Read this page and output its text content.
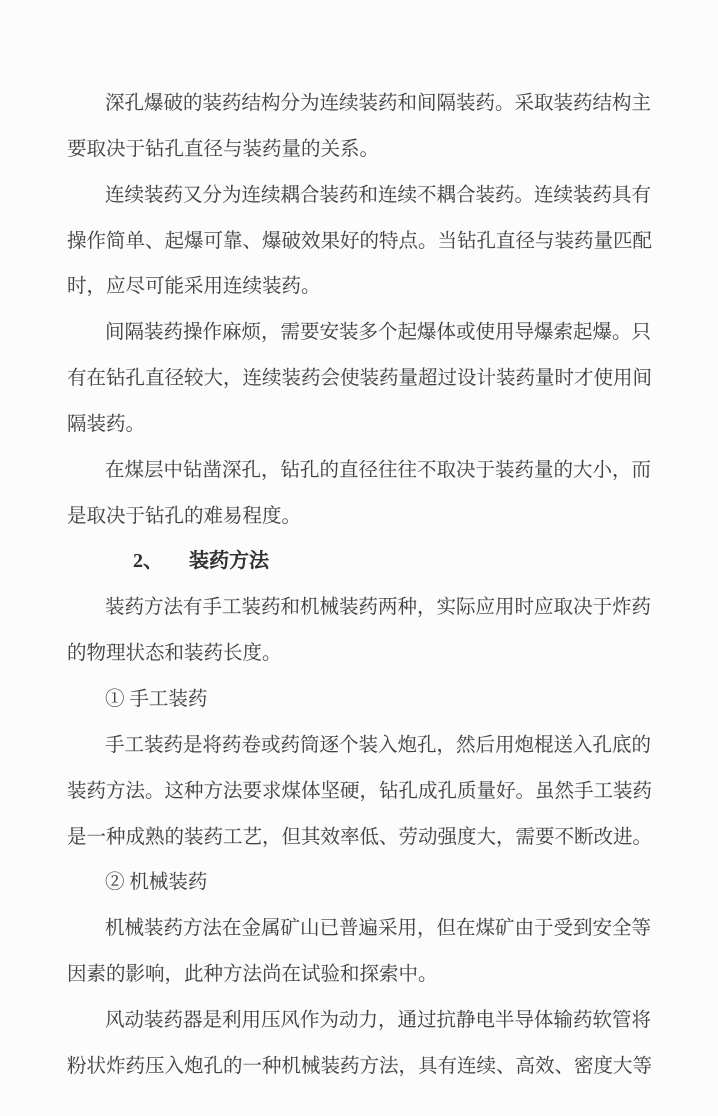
深孔爆破的装药结构分为连续装药和间隔装药。采取装药结构主
要取决于钻孔直径与装药量的关系。
连续装药又分为连续耦合装药和连续不耦合装药。连续装药具有
操作简单、起爆可靠、爆破效果好的特点。当钻孔直径与装药量匹配
时，应尽可能采用连续装药。
间隔装药操作麻烦，需要安装多个起爆体或使用导爆索起爆。只
有在钻孔直径较大，连续装药会使装药量超过设计装药量时才使用间
隔装药。
在煤层中钻凿深孔，钻孔的直径往往不取决于装药量的大小，而
是取决于钻孔的难易程度。
2、 装药方法
装药方法有手工装药和机械装药两种，实际应用时应取决于炸药
的物理状态和装药长度。
① 手工装药
手工装药是将药卷或药筒逐个装入炮孔，然后用炮棍送入孔底的
装药方法。这种方法要求煤体坚硬，钻孔成孔质量好。虽然手工装药
是一种成熟的装药工艺，但其效率低、劳动强度大，需要不断改进。
② 机械装药
机械装药方法在金属矿山已普遍采用，但在煤矿由于受到安全等
因素的影响，此种方法尚在试验和探索中。
风动装药器是利用压风作为动力，通过抗静电半导体输药软管将
粉状炸药压入炮孔的一种机械装药方法，具有连续、高效、密度大等
